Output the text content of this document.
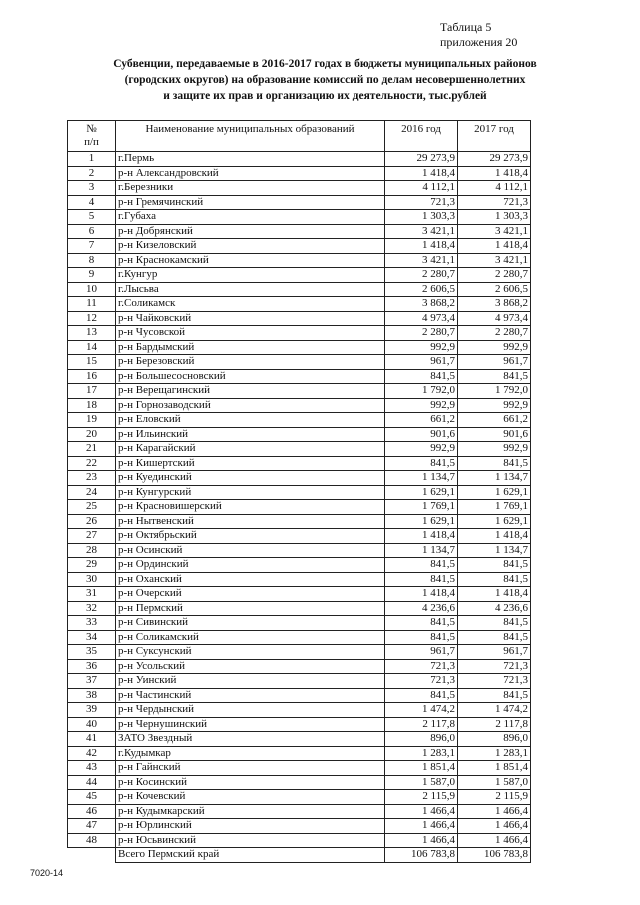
Таблица 5
приложения 20
Субвенции, передаваемые в 2016-2017 годах в бюджеты муниципальных районов
(городских округов) на образование комиссий по делам несовершеннолетних
и защите их прав и организацию их деятельности, тыс.рублей
№
п/п	Наименование муниципальных образований	2016 год	2017 год
1	г.Пермь	29 273,9	29 273,9
2	р-н Александровский	1 418,4	1 418,4
3	г.Березники	4 112,1	4 112,1
4	р-н Гремячинский	721,3	721,3
5	г.Губаха	1 303,3	1 303,3
6	р-н Добрянский	3 421,1	3 421,1
7	р-н Кизеловский	1 418,4	1 418,4
8	р-н Краснокамский	3 421,1	3 421,1
9	г.Кунгур	2 280,7	2 280,7
10	г.Лысьва	2 606,5	2 606,5
11	г.Соликамск	3 868,2	3 868,2
12	р-н Чайковский	4 973,4	4 973,4
13	р-н Чусовской	2 280,7	2 280,7
14	р-н Бардымский	992,9	992,9
15	р-н Березовский	961,7	961,7
16	р-н Большесосновский	841,5	841,5
17	р-н Верещагинский	1 792,0	1 792,0
18	р-н Горнозаводский	992,9	992,9
19	р-н Еловский	661,2	661,2
20	р-н Ильинский	901,6	901,6
21	р-н Карагайский	992,9	992,9
22	р-н Кишертский	841,5	841,5
23	р-н Куединский	1 134,7	1 134,7
24	р-н Кунгурский	1 629,1	1 629,1
25	р-н Красновишерский	1 769,1	1 769,1
26	р-н Нытвенский	1 629,1	1 629,1
27	р-н Октябрьский	1 418,4	1 418,4
28	р-н Осинский	1 134,7	1 134,7
29	р-н Ординский	841,5	841,5
30	р-н Оханский	841,5	841,5
31	р-н Очерский	1 418,4	1 418,4
32	р-н Пермский	4 236,6	4 236,6
33	р-н Сивинский	841,5	841,5
34	р-н Соликамский	841,5	841,5
35	р-н Суксунский	961,7	961,7
36	р-н Усольский	721,3	721,3
37	р-н Уинский	721,3	721,3
38	р-н Частинский	841,5	841,5
39	р-н Чердынский	1 474,2	1 474,2
40	р-н Чернушинский	2 117,8	2 117,8
41	ЗАТО Звездный	896,0	896,0
42	г.Кудымкар	1 283,1	1 283,1
43	р-н Гайнский	1 851,4	1 851,4
44	р-н Косинский	1 587,0	1 587,0
45	р-н Кочевский	2 115,9	2 115,9
46	р-н Кудымкарский	1 466,4	1 466,4
47	р-н Юрлинский	1 466,4	1 466,4
48	р-н Юсьвинский	1 466,4	1 466,4
	Всего Пермский край	106 783,8	106 783,8
7020-14
